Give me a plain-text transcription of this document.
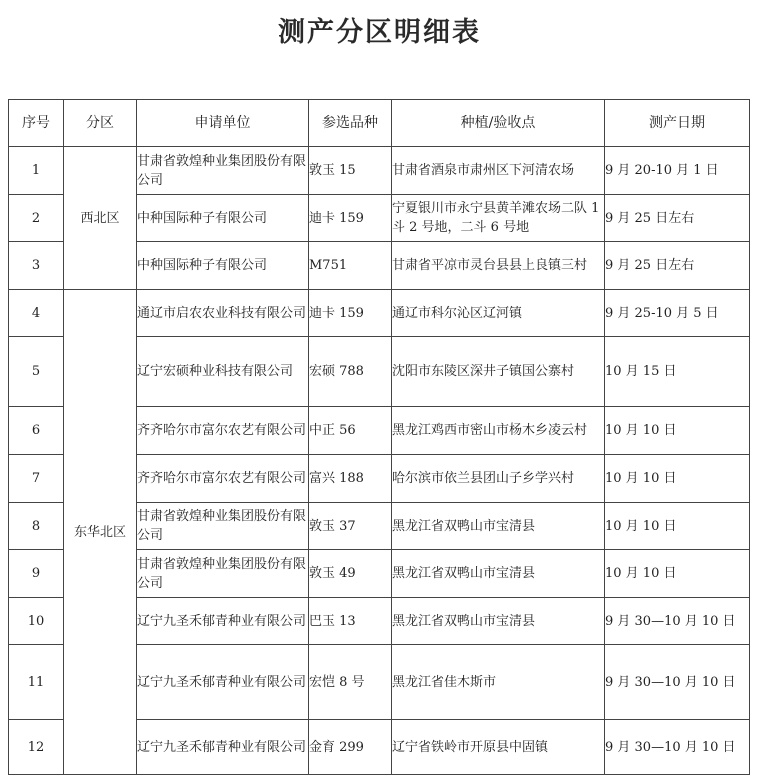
测产分区明细表
序号	分区	申请单位	参选品种	种植/验收点	测产日期
1	西北区	甘肃省敦煌种业集团股份有限公司	敦玉 15	甘肃省酒泉市肃州区下河清农场	9 月 20-10 月 1 日
2		中种国际种子有限公司	迪卡 159	宁夏银川市永宁县黄羊滩农场二队 1 斗 2 号地，二斗 6 号地	9 月 25 日左右
3		中种国际种子有限公司	M751	甘肃省平凉市灵台县县上良镇三村	9 月 25 日左右
4	东华北区	通辽市启农农业科技有限公司	迪卡 159	通辽市科尔沁区辽河镇	9 月 25-10 月 5 日
5		辽宁宏硕种业科技有限公司	宏硕 788	沈阳市东陵区深井子镇国公寨村	10 月 15 日
6		齐齐哈尔市富尔农艺有限公司	中正 56	黑龙江鸡西市密山市杨木乡凌云村	10 月 10 日
7		齐齐哈尔市富尔农艺有限公司	富兴 188	哈尔滨市依兰县团山子乡学兴村	10 月 10 日
8		甘肃省敦煌种业集团股份有限公司	敦玉 37	黑龙江省双鸭山市宝清县	10 月 10 日
9		甘肃省敦煌种业集团股份有限公司	敦玉 49	黑龙江省双鸭山市宝清县	10 月 10 日
10		辽宁九圣禾郁青种业有限公司	巴玉 13	黑龙江省双鸭山市宝清县	9 月 30—10 月 10 日
11		辽宁九圣禾郁青种业有限公司	宏恺 8 号	黑龙江省佳木斯市	9 月 30—10 月 10 日
12		辽宁九圣禾郁青种业有限公司	金育 299	辽宁省铁岭市开原县中固镇	9 月 30—10 月 10 日
